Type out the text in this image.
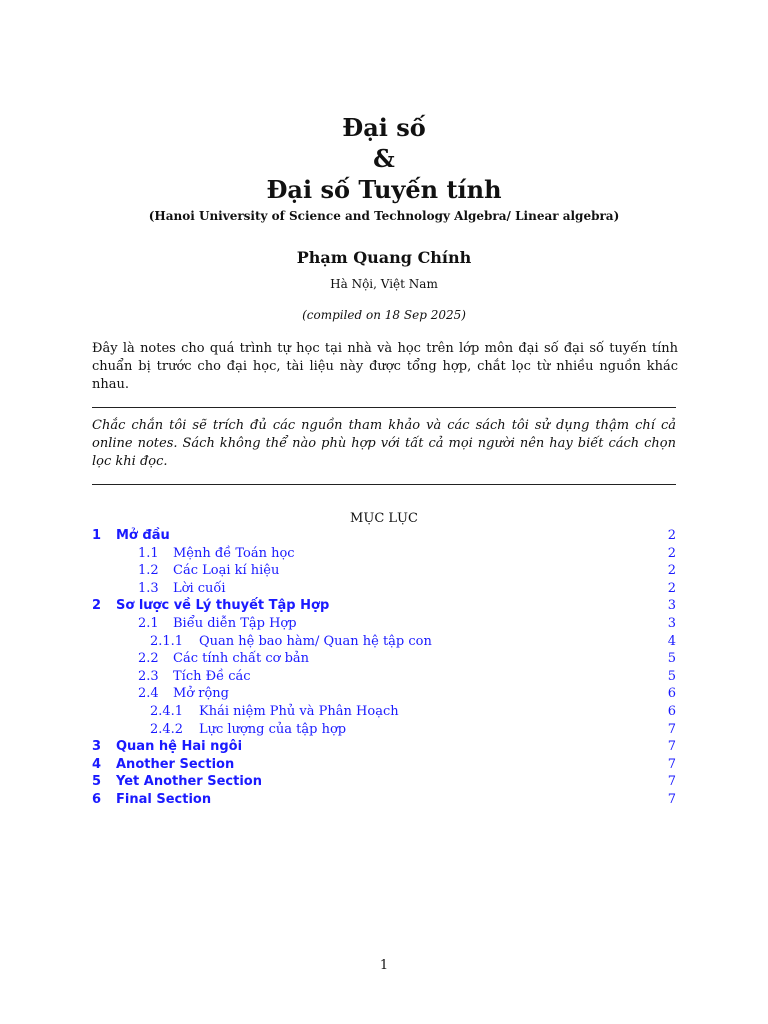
Đại số
&
Đại số Tuyến tính
(Hanoi University of Science and Technology Algebra/ Linear algebra)
Phạm Quang Chính
Hà Nội, Việt Nam
(compiled on 18 Sep 2025)
Đây là notes cho quá trình tự học tại nhà và học trên lớp môn đại số đại số tuyến tính chuẩn bị trước cho đại học, tài liệu này được tổng hợp, chắt lọc từ nhiều nguồn khác nhau.
Chắc chắn tôi sẽ trích đủ các nguồn tham khảo và các sách tôi sử dụng thậm chí cả online notes. Sách không thể nào phù hợp với tất cả mọi người nên hay biết cách chọn lọc khi đọc.
MỤC LỤC
1 Mở đầu	2
1.1 Mệnh đề Toán học	2
1.2 Các Loại kí hiệu	2
1.3 Lời cuối	2
2 Sơ lược về Lý thuyết Tập Hợp	3
2.1 Biểu diễn Tập Hợp	3
2.1.1 Quan hệ bao hàm/ Quan hệ tập con	4
2.2 Các tính chất cơ bản	5
2.3 Tích Đề các	5
2.4 Mở rộng	6
2.4.1 Khái niệm Phủ và Phân Hoạch	6
2.4.2 Lực lượng của tập hợp	7
3 Quan hệ Hai ngôi	7
4 Another Section	7
5 Yet Another Section	7
6 Final Section	7
1
